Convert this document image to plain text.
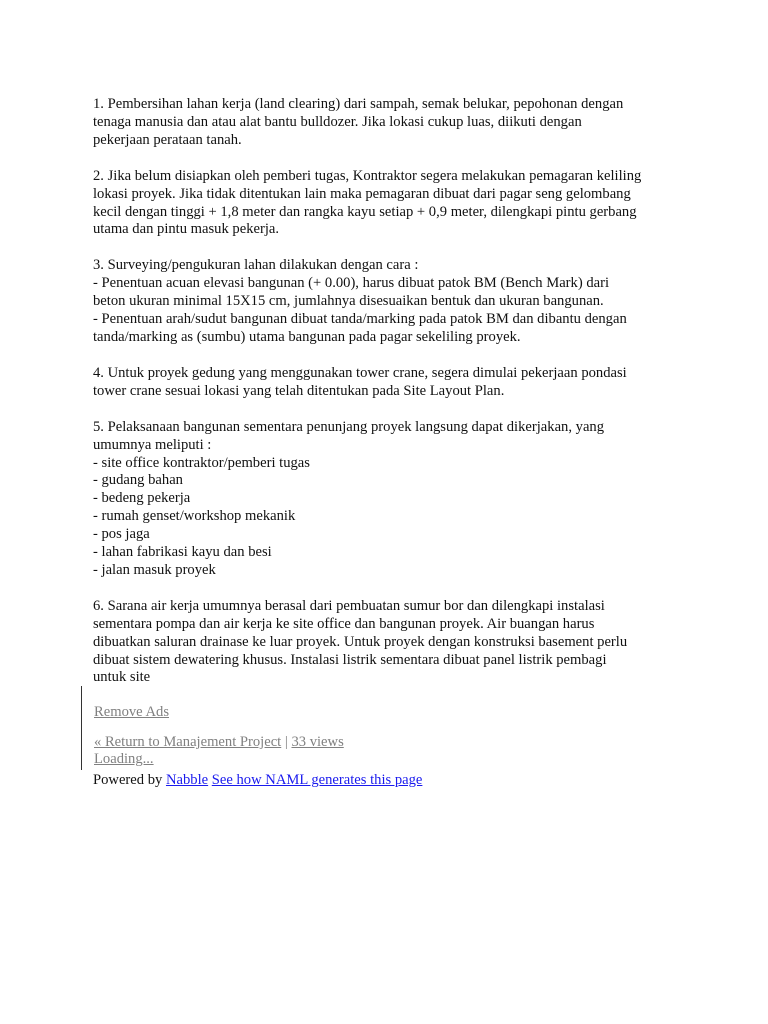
1. Pembersihan lahan kerja (land clearing) dari sampah, semak belukar, pepohonan dengan
tenaga manusia dan atau alat bantu bulldozer. Jika lokasi cukup luas, diikuti dengan
pekerjaan perataan tanah.

2. Jika belum disiapkan oleh pemberi tugas, Kontraktor segera melakukan pemagaran keliling
lokasi proyek. Jika tidak ditentukan lain maka pemagaran dibuat dari pagar seng gelombang
kecil dengan tinggi + 1,8 meter dan rangka kayu setiap + 0,9 meter, dilengkapi pintu gerbang
utama dan pintu masuk pekerja.

3. Surveying/pengukuran lahan dilakukan dengan cara :
- Penentuan acuan elevasi bangunan (+ 0.00), harus dibuat patok BM (Bench Mark) dari
beton ukuran minimal 15X15 cm, jumlahnya disesuaikan bentuk dan ukuran bangunan.
- Penentuan arah/sudut bangunan dibuat tanda/marking pada patok BM dan dibantu dengan
tanda/marking as (sumbu) utama bangunan pada pagar sekeliling proyek.

4. Untuk proyek gedung yang menggunakan tower crane, segera dimulai pekerjaan pondasi
tower crane sesuai lokasi yang telah ditentukan pada Site Layout Plan.

5. Pelaksanaan bangunan sementara penunjang proyek langsung dapat dikerjakan, yang
umumnya meliputi :
- site office kontraktor/pemberi tugas
- gudang bahan
- bedeng pekerja
- rumah genset/workshop mekanik
- pos jaga
- lahan fabrikasi kayu dan besi
- jalan masuk proyek

6. Sarana air kerja umumnya berasal dari pembuatan sumur bor dan dilengkapi instalasi
sementara pompa dan air kerja ke site office dan bangunan proyek. Air buangan harus
dibuatkan saluran drainase ke luar proyek. Untuk proyek dengan konstruksi basement perlu
dibuat sistem dewatering khusus. Instalasi listrik sementara dibuat panel listrik pembagi
untuk site

Remove Ads
« Return to Manajement Project | 33 views
Loading...
Powered by Nabble See how NAML generates this page
